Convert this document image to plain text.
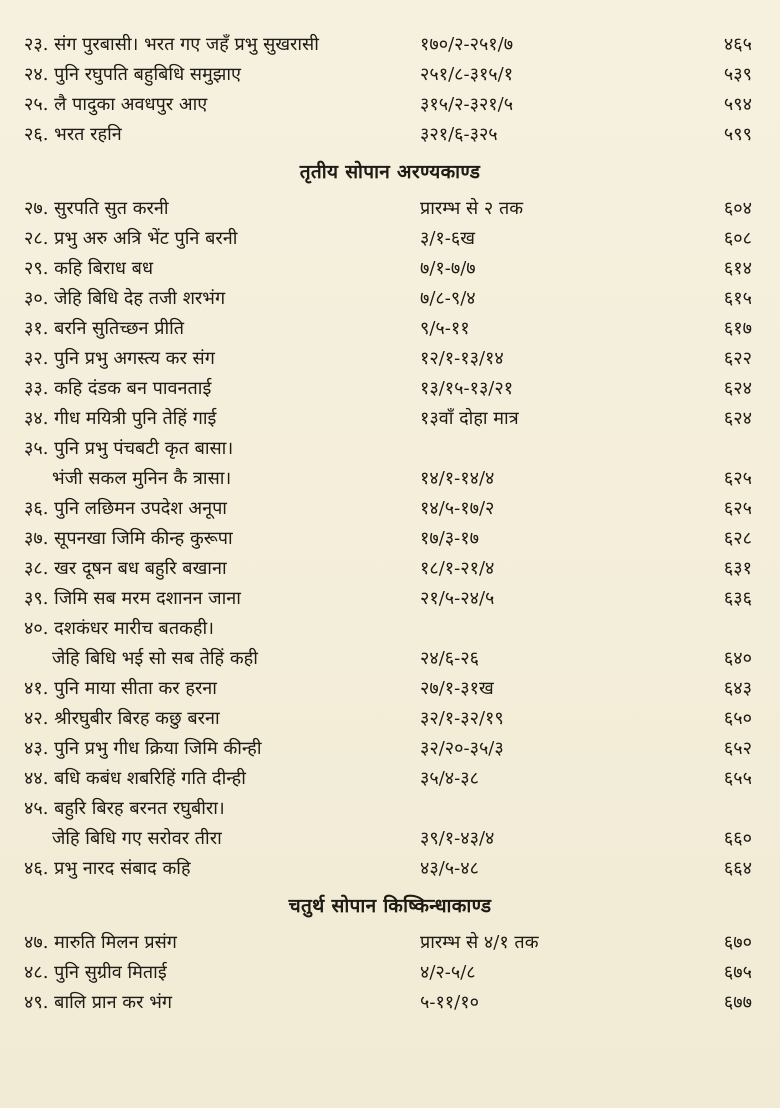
२३. संग पुरबासी। भरत गए जहँ प्रभु सुखरासी	१७०/२-२५१/७	४६५
२४. पुनि रघुपति बहुबिधि समुझाए	२५१/८-३१५/१	५३९
२५. लै पादुका अवधपुर आए	३१५/२-३२१/५	५९४
२६. भरत रहनि	३२१/६-३२५	५९९
तृतीय सोपान अरण्यकाण्ड
२७. सुरपति सुत करनी	प्रारम्भ से २ तक	६०४
२८. प्रभु अरु अत्रि भेंट पुनि बरनी	३/१-६ख	६०८
२९. कहि बिराध बध	७/१-७/७	६१४
३०. जेहि बिधि देह तजी शरभंग	७/८-९/४	६१५
३१. बरनि सुतिच्छन प्रीति	९/५-११	६१७
३२. पुनि प्रभु अगस्त्य कर संग	१२/१-१३/१४	६२२
३३. कहि दंडक बन पावनताई	१३/१५-१३/२१	६२४
३४. गीध मयित्री पुनि तेहिं गाई	१३वाँ दोहा मात्र	६२४
३५. पुनि प्रभु पंचबटी कृत बासा।
भंजी सकल मुनिन कै त्रासा।	१४/१-१४/४	६२५
३६. पुनि लछिमन उपदेश अनूपा	१४/५-१७/२	६२५
३७. सूपनखा जिमि कीन्ह कुरूपा	१७/३-१७	६२८
३८. खर दूषन बध बहुरि बखाना	१८/१-२१/४	६३१
३९. जिमि सब मरम दशानन जाना	२१/५-२४/५	६३६
४०. दशकंधर मारीच बतकही।
जेहि बिधि भई सो सब तेहिं कही	२४/६-२६	६४०
४१. पुनि माया सीता कर हरना	२७/१-३१ख	६४३
४२. श्रीरघुबीर बिरह कछु बरना	३२/१-३२/१९	६५०
४३. पुनि प्रभु गीध क्रिया जिमि कीन्ही	३२/२०-३५/३	६५२
४४. बधि कबंध शबरिहिं गति दीन्ही	३५/४-३८	६५५
४५. बहुरि बिरह बरनत रघुबीरा।
जेहि बिधि गए सरोवर तीरा	३९/१-४३/४	६६०
४६. प्रभु नारद संबाद कहि	४३/५-४८	६६४
चतुर्थ सोपान किष्किन्धाकाण्ड
४७. मारुति मिलन प्रसंग	प्रारम्भ से ४/१ तक	६७०
४८. पुनि सुग्रीव मिताई	४/२-५/८	६७५
४९. बालि प्रान कर भंग	५-११/१०	६७७
